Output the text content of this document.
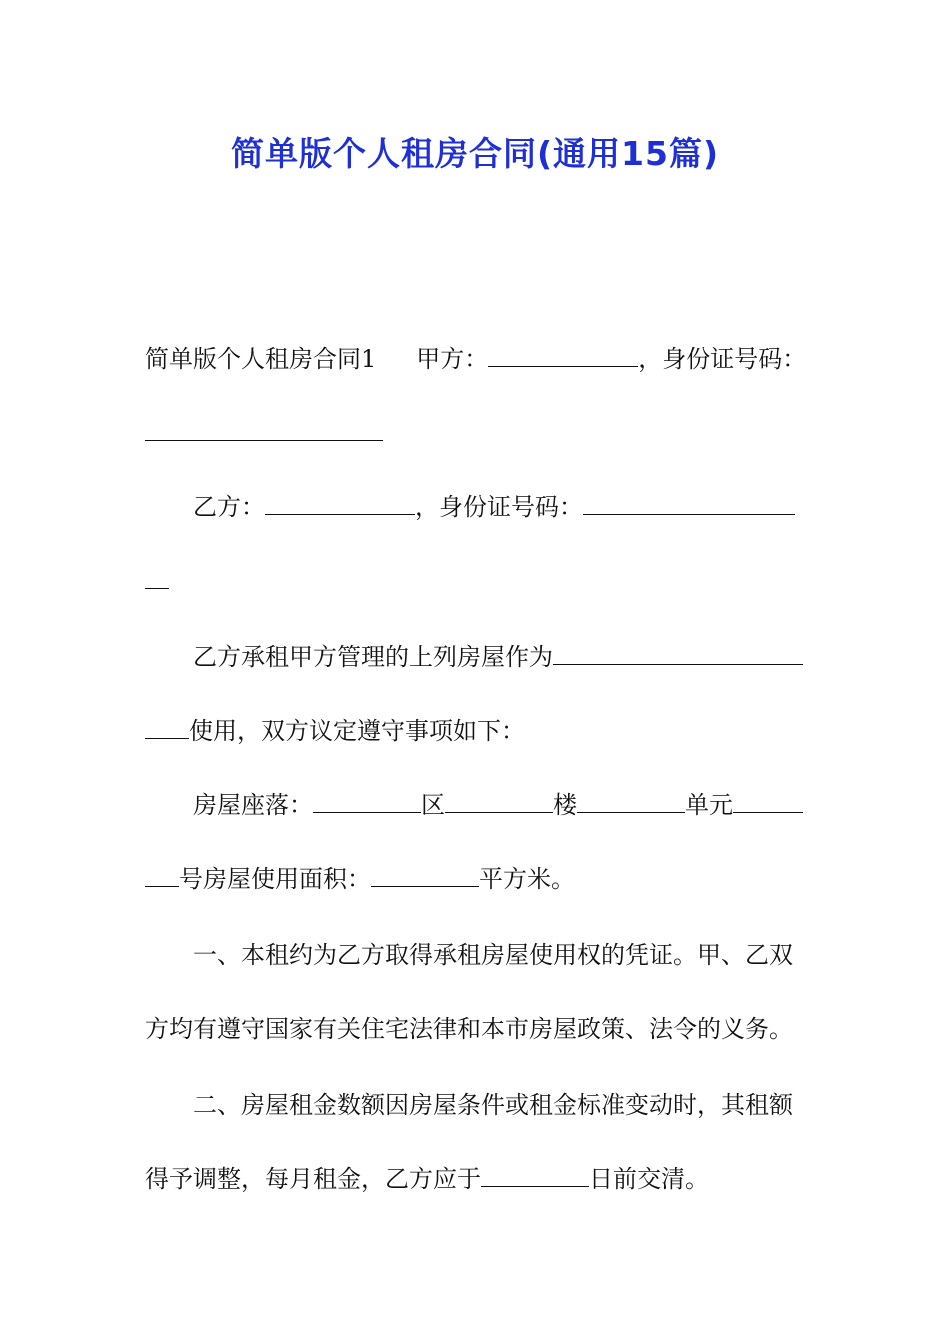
简单版个人租房合同(通用15篇)
简单版个人租房合同1 甲方：	，身份证号码：
乙方：	，身份证号码：
乙方承租甲方管理的上列房屋作为
使用，双方议定遵守事项如下：
房屋座落：	区	楼	单元
号房屋使用面积：	平方米。
一、本租约为乙方取得承租房屋使用权的凭证。甲、乙双
方均有遵守国家有关住宅法律和本市房屋政策、法令的义务。
二、房屋租金数额因房屋条件或租金标准变动时，其租额
得予调整，每月租金，乙方应于	日前交清。
